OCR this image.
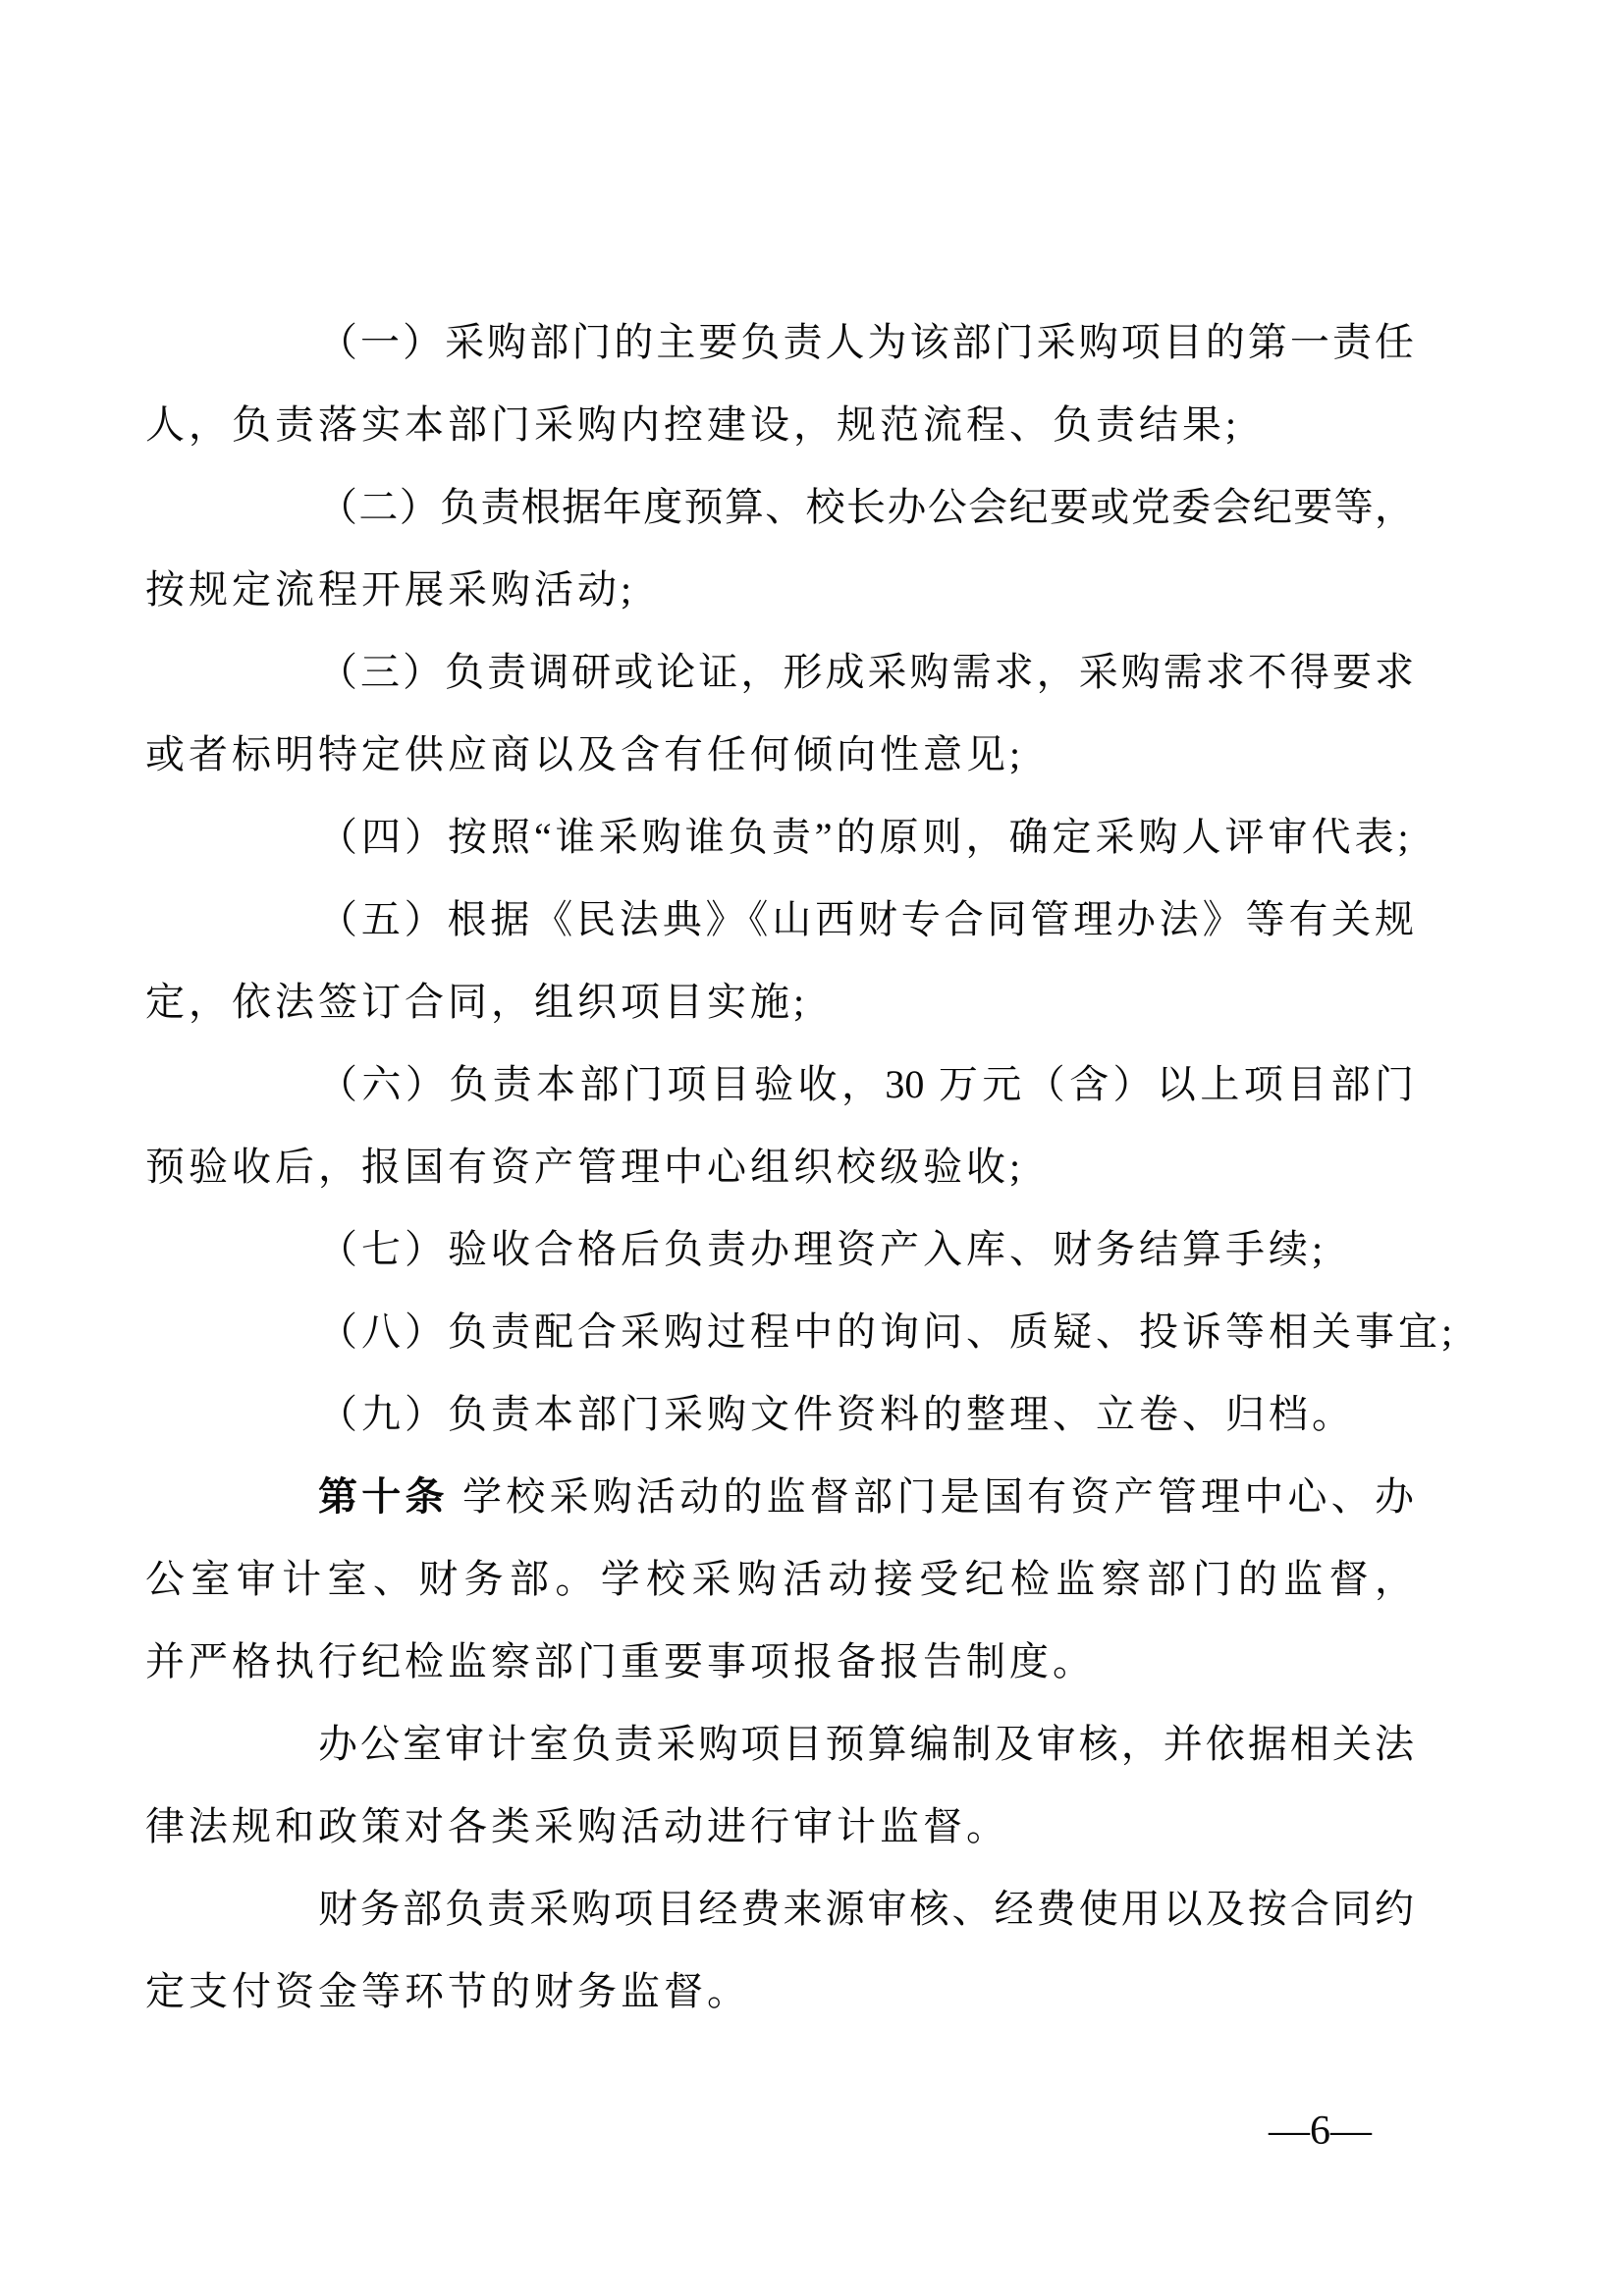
（一）采购部门的主要负责人为该部门采购项目的第一责任
人，负责落实本部门采购内控建设，规范流程、负责结果;
（二）负责根据年度预算、校长办公会纪要或党委会纪要等，
按规定流程开展采购活动;
（三）负责调研或论证，形成采购需求，采购需求不得要求
或者标明特定供应商以及含有任何倾向性意见;
（四）按照“谁采购谁负责”的原则，确定采购人评审代表;
（五）根据《民法典》《山西财专合同管理办法》等有关规
定，依法签订合同，组织项目实施;
（六）负责本部门项目验收，30 万元（含）以上项目部门
预验收后，报国有资产管理中心组织校级验收;
（七）验收合格后负责办理资产入库、财务结算手续;
（八）负责配合采购过程中的询问、质疑、投诉等相关事宜;
（九）负责本部门采购文件资料的整理、立卷、归档。
第十条 学校采购活动的监督部门是国有资产管理中心、办
公室审计室、财务部。学校采购活动接受纪检监察部门的监督，
并严格执行纪检监察部门重要事项报备报告制度。
办公室审计室负责采购项目预算编制及审核，并依据相关法
律法规和政策对各类采购活动进行审计监督。
财务部负责采购项目经费来源审核、经费使用以及按合同约
定支付资金等环节的财务监督。
—6—
